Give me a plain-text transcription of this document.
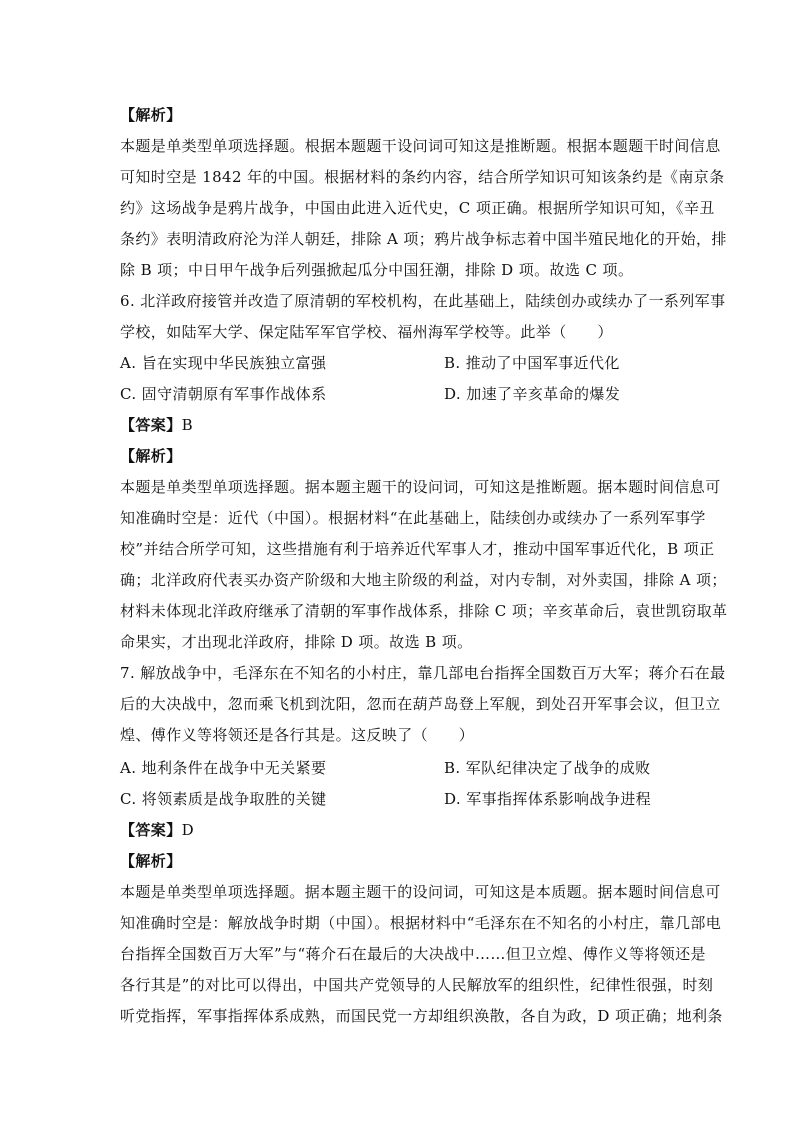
【解析】
本题是单类型单项选择题。根据本题题干设问词可知这是推断题。根据本题题干时间信息
可知时空是 1842 年的中国。根据材料的条约内容，结合所学知识可知该条约是《南京条
约》这场战争是鸦片战争，中国由此进入近代史，C 项正确。根据所学知识可知，《辛丑
条约》表明清政府沦为洋人朝廷，排除 A 项；鸦片战争标志着中国半殖民地化的开始，排
除 B 项；中日甲午战争后列强掀起瓜分中国狂潮，排除 D 项。故选 C 项。
6. 北洋政府接管并改造了原清朝的军校机构，在此基础上，陆续创办或续办了一系列军事
学校，如陆军大学、保定陆军军官学校、福州海军学校等。此举（　　）
A. 旨在实现中华民族独立富强	B. 推动了中国军事近代化
C. 固守清朝原有军事作战体系	D. 加速了辛亥革命的爆发
【答案】B
【解析】
本题是单类型单项选择题。据本题主题干的设问词，可知这是推断题。据本题时间信息可
知准确时空是：近代（中国）。根据材料“在此基础上，陆续创办或续办了一系列军事学
校”并结合所学可知，这些措施有利于培养近代军事人才，推动中国军事近代化，B 项正
确；北洋政府代表买办资产阶级和大地主阶级的利益，对内专制，对外卖国，排除 A 项；
材料未体现北洋政府继承了清朝的军事作战体系，排除 C 项；辛亥革命后，袁世凯窃取革
命果实，才出现北洋政府，排除 D 项。故选 B 项。
7. 解放战争中，毛泽东在不知名的小村庄，靠几部电台指挥全国数百万大军；蒋介石在最
后的大决战中，忽而乘飞机到沈阳，忽而在葫芦岛登上军舰，到处召开军事会议，但卫立
煌、傅作义等将领还是各行其是。这反映了（　　）
A. 地利条件在战争中无关紧要	B. 军队纪律决定了战争的成败
C. 将领素质是战争取胜的关键	D. 军事指挥体系影响战争进程
【答案】D
【解析】
本题是单类型单项选择题。据本题主题干的设问词，可知这是本质题。据本题时间信息可
知准确时空是：解放战争时期（中国）。根据材料中“毛泽东在不知名的小村庄，靠几部电
台指挥全国数百万大军”与“蒋介石在最后的大决战中……但卫立煌、傅作义等将领还是
各行其是”的对比可以得出，中国共产党领导的人民解放军的组织性，纪律性很强，时刻
听党指挥，军事指挥体系成熟，而国民党一方却组织涣散，各自为政，D 项正确；地利条
